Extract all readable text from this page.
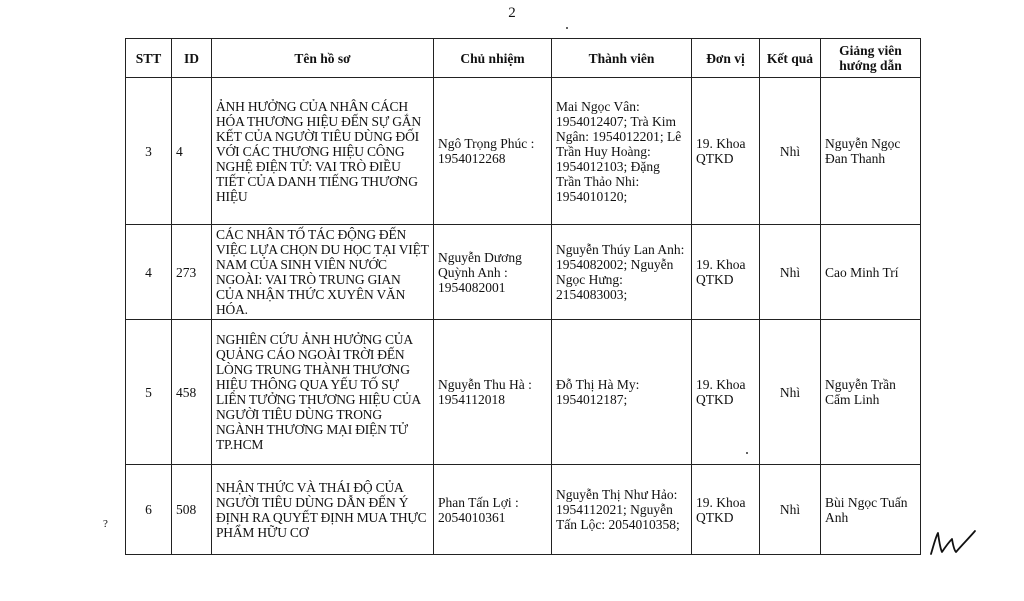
2
STT	ID	Tên hồ sơ	Chủ nhiệm	Thành viên	Đơn vị	Kết quả	Giảng viên
hướng dẫn
3	4	ẢNH HƯỞNG CỦA NHÂN CÁCH HÓA THƯƠNG HIỆU ĐẾN SỰ GẮN KẾT CỦA NGƯỜI TIÊU DÙNG ĐỐI VỚI CÁC THƯƠNG HIỆU CÔNG NGHỆ ĐIỆN TỬ: VAI TRÒ ĐIỀU TIẾT CỦA DANH TIẾNG THƯƠNG HIỆU	Ngô Trọng Phúc : 1954012268	Mai Ngọc Vân: 1954012407; Trà Kim Ngân: 1954012201; Lê Trần Huy Hoàng: 1954012103; Đặng Trần Thảo Nhi: 1954010120;	19. Khoa QTKD	Nhì	Nguyễn Ngọc Đan Thanh
4	273	CÁC NHÂN TỐ TÁC ĐỘNG ĐẾN VIỆC LỰA CHỌN DU HỌC TẠI VIỆT NAM CỦA SINH VIÊN NƯỚC NGOÀI: VAI TRÒ TRUNG GIAN CỦA NHẬN THỨC XUYÊN VĂN HÓA.	Nguyễn Dương Quỳnh Anh : 1954082001	Nguyễn Thúy Lan Anh: 1954082002; Nguyễn Ngọc Hưng: 2154083003;	19. Khoa QTKD	Nhì	Cao Minh Trí
5	458	NGHIÊN CỨU ẢNH HƯỞNG CỦA QUẢNG CÁO NGOÀI TRỜI ĐẾN LÒNG TRUNG THÀNH THƯƠNG HIỆU THÔNG QUA YẾU TỐ SỰ LIÊN TƯỞNG THƯƠNG HIỆU CỦA NGƯỜI TIÊU DÙNG TRONG NGÀNH THƯƠNG MẠI ĐIỆN TỬ TP.HCM	Nguyễn Thu Hà : 1954112018	Đỗ Thị Hà My: 1954012187;	19. Khoa QTKD	Nhì	Nguyễn Trần Cẩm Linh
6	508	NHẬN THỨC VÀ THÁI ĐỘ CỦA NGƯỜI TIÊU DÙNG DẪN ĐẾN Ý ĐỊNH RA QUYẾT ĐỊNH MUA THỰC PHẨM HỮU CƠ	Phan Tấn Lợi : 2054010361	Nguyễn Thị Như Hảo: 1954112021; Nguyễn Tấn Lộc: 2054010358;	19. Khoa QTKD	Nhì	Bùi Ngọc Tuấn Anh
?
